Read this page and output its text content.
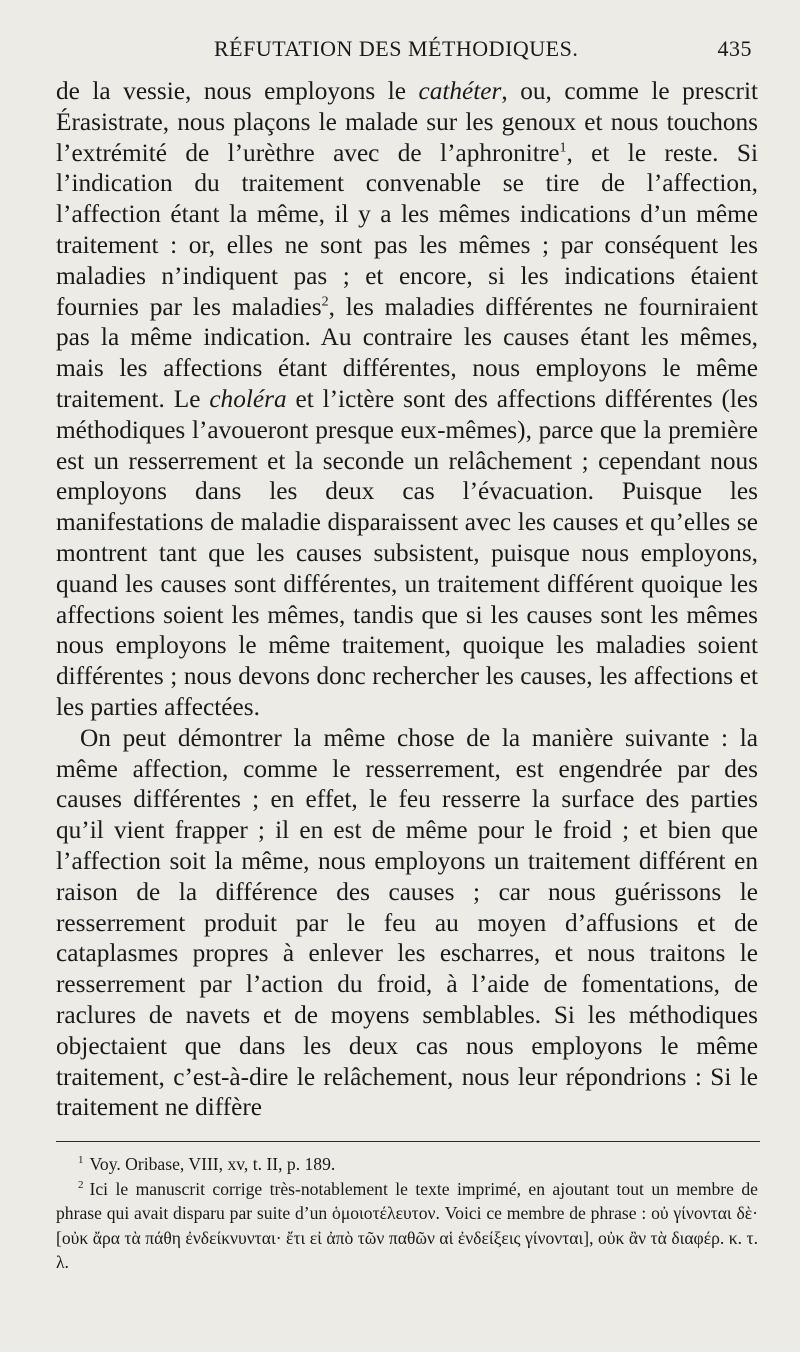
RÉFUTATION DES MÉTHODIQUES.	435

de la vessie, nous employons le cathéter, ou, comme le prescrit Érasistrate, nous plaçons le malade sur les genoux et nous touchons l’extrémité de l’urèthre avec de l’aphronitre$^1$, et le reste. Si l’indication du traitement convenable se tire de l’affection, l’affection étant la même, il y a les mêmes indications d’un même traitement : or, elles ne sont pas les mêmes ; par conséquent les maladies n’indiquent pas ; et encore, si les indications étaient fournies par les maladies$^2$, les maladies différentes ne fourniraient pas la même indication. Au contraire les causes étant les mêmes, mais les affections étant différentes, nous employons le même traitement. Le choléra et l’ictère sont des affections différentes (les méthodiques l’avoueront presque eux-mêmes), parce que la première est un resserrement et la seconde un relâchement ; cependant nous employons dans les deux cas l’évacuation. Puisque les manifestations de maladie disparaissent avec les causes et qu’elles se montrent tant que les causes subsistent, puisque nous employons, quand les causes sont différentes, un traitement différent quoique les affections soient les mêmes, tandis que si les causes sont les mêmes nous employons le même traitement, quoique les maladies soient différentes ; nous devons donc rechercher les causes, les affections et les parties affectées.

On peut démontrer la même chose de la manière suivante : la même affection, comme le resserrement, est engendrée par des causes différentes ; en effet, le feu resserre la surface des parties qu’il vient frapper ; il en est de même pour le froid ; et bien que l’affection soit la même, nous employons un traitement différent en raison de la différence des causes ; car nous guérissons le resserrement produit par le feu au moyen d’affusions et de cataplasmes propres à enlever les escharres, et nous traitons le resserrement par l’action du froid, à l’aide de fomentations, de raclures de navets et de moyens semblables. Si les méthodiques objectaient que dans les deux cas nous employons le même traitement, c’est-à-dire le relâchement, nous leur répondrions : Si le traitement ne diffère

$^1$ Voy. Oribase, VIII, xv, t. II, p. 189.

$^2$ Ici le manuscrit corrige très-notablement le texte imprimé, en ajoutant tout un membre de phrase qui avait disparu par suite d’un ὁμοιοτέλευτον. Voici ce membre de phrase : οὐ γίνονται δὲ· [οὐκ ἄρα τὰ πάθη ἐνδείκνυνται· ἔτι εἰ ἀπὸ τῶν παθῶν αἱ ἐνδείξεις γίνονται], οὐκ ἂν τὰ διαφέρ. κ. τ. λ.
